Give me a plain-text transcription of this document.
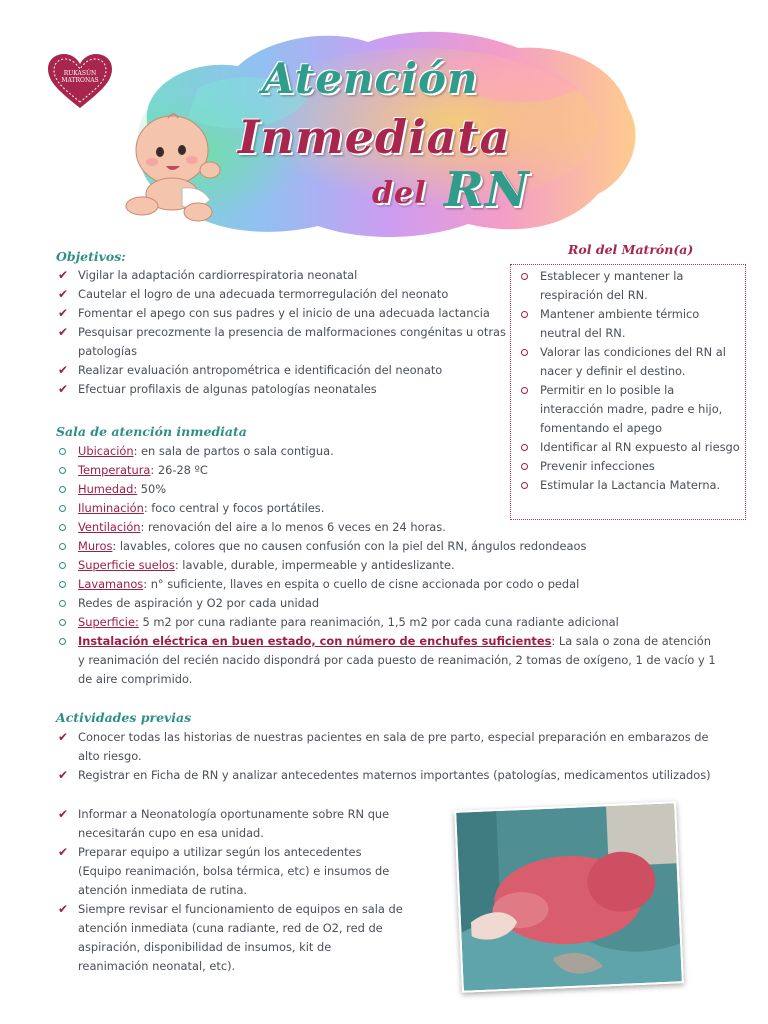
RUKASÚN
MATRONAS	Atención
Inmediata
del RN
Objetivos:
✔ Vigilar la adaptación cardiorrespiratoria neonatal
✔ Cautelar el logro de una adecuada termorregulación del neonato
✔ Fomentar el apego con sus padres y el inicio de una adecuada lactancia
✔ Pesquisar precozmente la presencia de malformaciones congénitas u otras patologías
✔ Realizar evaluación antropométrica e identificación del neonato
✔ Efectuar profilaxis de algunas patologías neonatales
Rol del Matrón(a)
Establecer y mantener la respiración del RN.
Mantener ambiente térmico neutral del RN.
Valorar las condiciones del RN al nacer y definir el destino.
Permitir en lo posible la interacción madre, padre e hijo, fomentando el apego
Identificar al RN expuesto al riesgo
Prevenir infecciones
Estimular la Lactancia Materna.
Sala de atención inmediata
Ubicación: en sala de partos o sala contigua.
Temperatura: 26-28 ºC
Humedad: 50%
Iluminación: foco central y focos portátiles.
Ventilación: renovación del aire a lo menos 6 veces en 24 horas.
Muros: lavables, colores que no causen confusión con la piel del RN, ángulos redondeaos
Superficie suelos: lavable, durable, impermeable y antideslizante.
Lavamanos: n° suficiente, llaves en espita o cuello de cisne accionada por codo o pedal
Redes de aspiración y O2 por cada unidad
Superficie: 5 m2 por cuna radiante para reanimación, 1,5 m2 por cada cuna radiante adicional
Instalación eléctrica en buen estado, con número de enchufes suficientes: La sala o zona de atención y reanimación del recién nacido dispondrá por cada puesto de reanimación, 2 tomas de oxígeno, 1 de vacío y 1 de aire comprimido.
Actividades previas
✔ Conocer todas las historias de nuestras pacientes en sala de pre parto, especial preparación en embarazos de alto riesgo.
✔ Registrar en Ficha de RN y analizar antecedentes maternos importantes (patologías, medicamentos utilizados)
✔ Informar a Neonatología oportunamente sobre RN que necesitarán cupo en esa unidad.
✔ Preparar equipo a utilizar según los antecedentes (Equipo reanimación, bolsa térmica, etc) e insumos de atención inmediata de rutina.
✔ Siempre revisar el funcionamiento de equipos en sala de atención inmediata (cuna radiante, red de O2, red de aspiración, disponibilidad de insumos, kit de reanimación neonatal, etc).
